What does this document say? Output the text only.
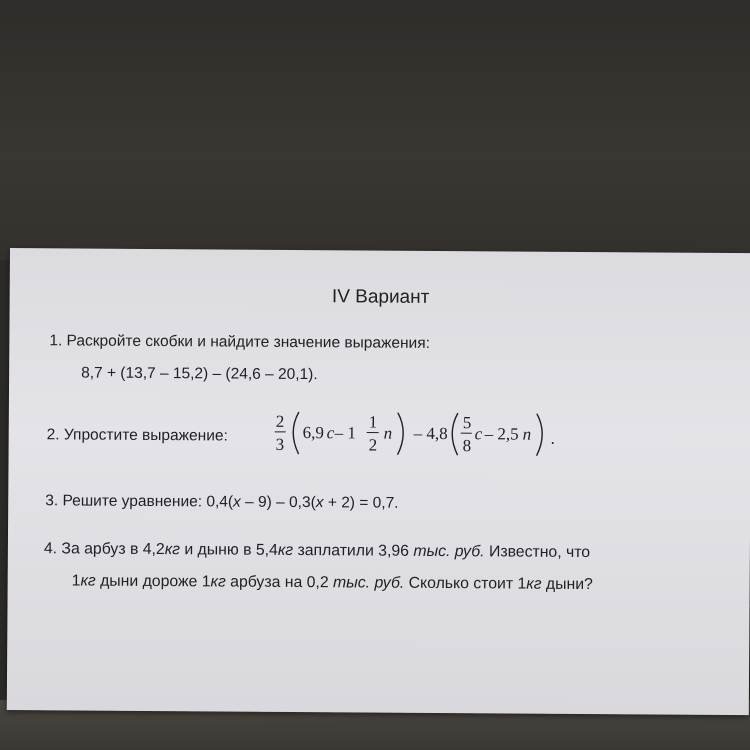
IV Вариант
1. Раскройте скобки и найдите значение выражения:
8,7 + (13,7 – 15,2) – (24,6 – 20,1).
2. Упростите выражение:
2
3
6,9 c – 1
1
2
n – 4,8
5
8
c – 2,5 n .
3. Решите уравнение: 0,4(x – 9) – 0,3(x + 2) = 0,7.
4. За арбуз в 4,2кг и дыню в 5,4кг заплатили 3,96 тыс. руб. Известно, что
1кг дыни дороже 1кг арбуза на 0,2 тыс. руб. Сколько стоит 1кг дыни?
